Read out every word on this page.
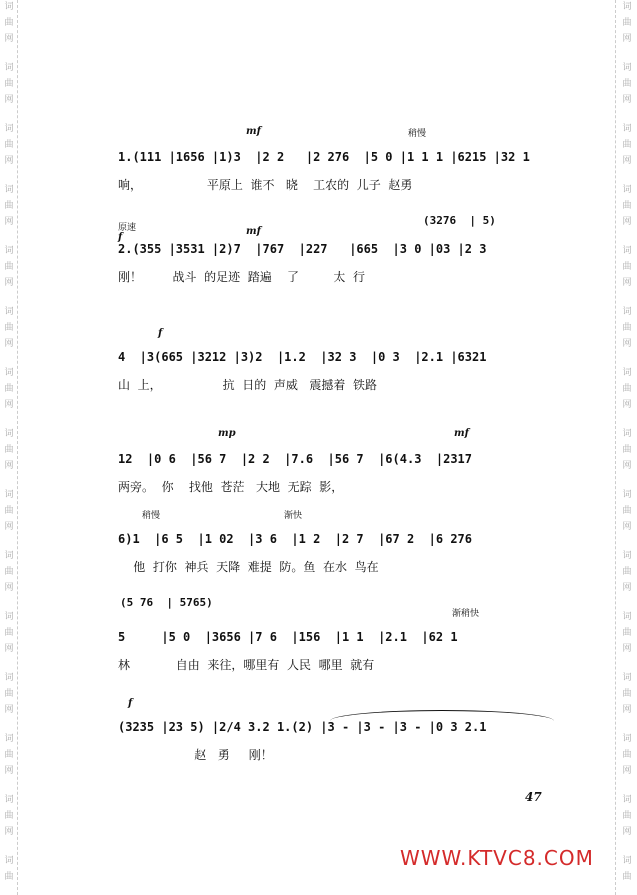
词
曲
网
词
曲
网
词
曲
网
词
曲
网
词
曲
网
词
曲
网
词
曲
网
词
曲
网
词
曲
网
词
曲
网
词
曲
网
词
曲
网
词
曲
网
词
曲
网
词
曲
词
曲
网
词
曲
网
词
曲
网
词
曲
网
词
曲
网
词
曲
网
词
曲
网
词
曲
网
词
曲
网
词
曲
网
词
曲
网
词
曲
网
词
曲
网
词
曲
网
词
曲
mf	稍慢
1.(111 |1656 |1)3  |2 2   |2 276  |5 0 |1 1 1 |6215 |32 1
响，                 平原上  谁不   晓    工农的  儿子  赵勇
原速
f
mf
(3276  | 5)
2.(355 |3531 |2)7  |767  |227   |665  |3 0 |03 |2 3
刚！        战斗  的足迹  踏遍    了         太  行
f
4  |3(665 |3212 |3)2  |1.2  |32 3  |0 3  |2.1 |6321
山  上，                抗  日的  声威   震撼着  铁路
mp	mf
12  |0 6  |56 7  |2 2  |7.6  |56 7  |6(4.3  |2317
两旁。  你    找他  苍茫   大地  无踪  影，
稍慢	渐快
6)1  |6 5  |1 02  |3 6  |1 2  |2 7  |67 2  |6 276
他  打你  神兵  天降  难提  防。鱼  在水  鸟在
渐稍快
(5 76  | 5765)
5     |5 0  |3656 |7 6  |156  |1 1  |2.1  |62 1
林            自由  来往，哪里有  人民  哪里  就有
f
(3235 |23 5) |2/4 3.2 1.(2) |3 - |3 - |3 - |0 3 2.1
赵   勇     刚！
47
WWW.KTVC8.COM
